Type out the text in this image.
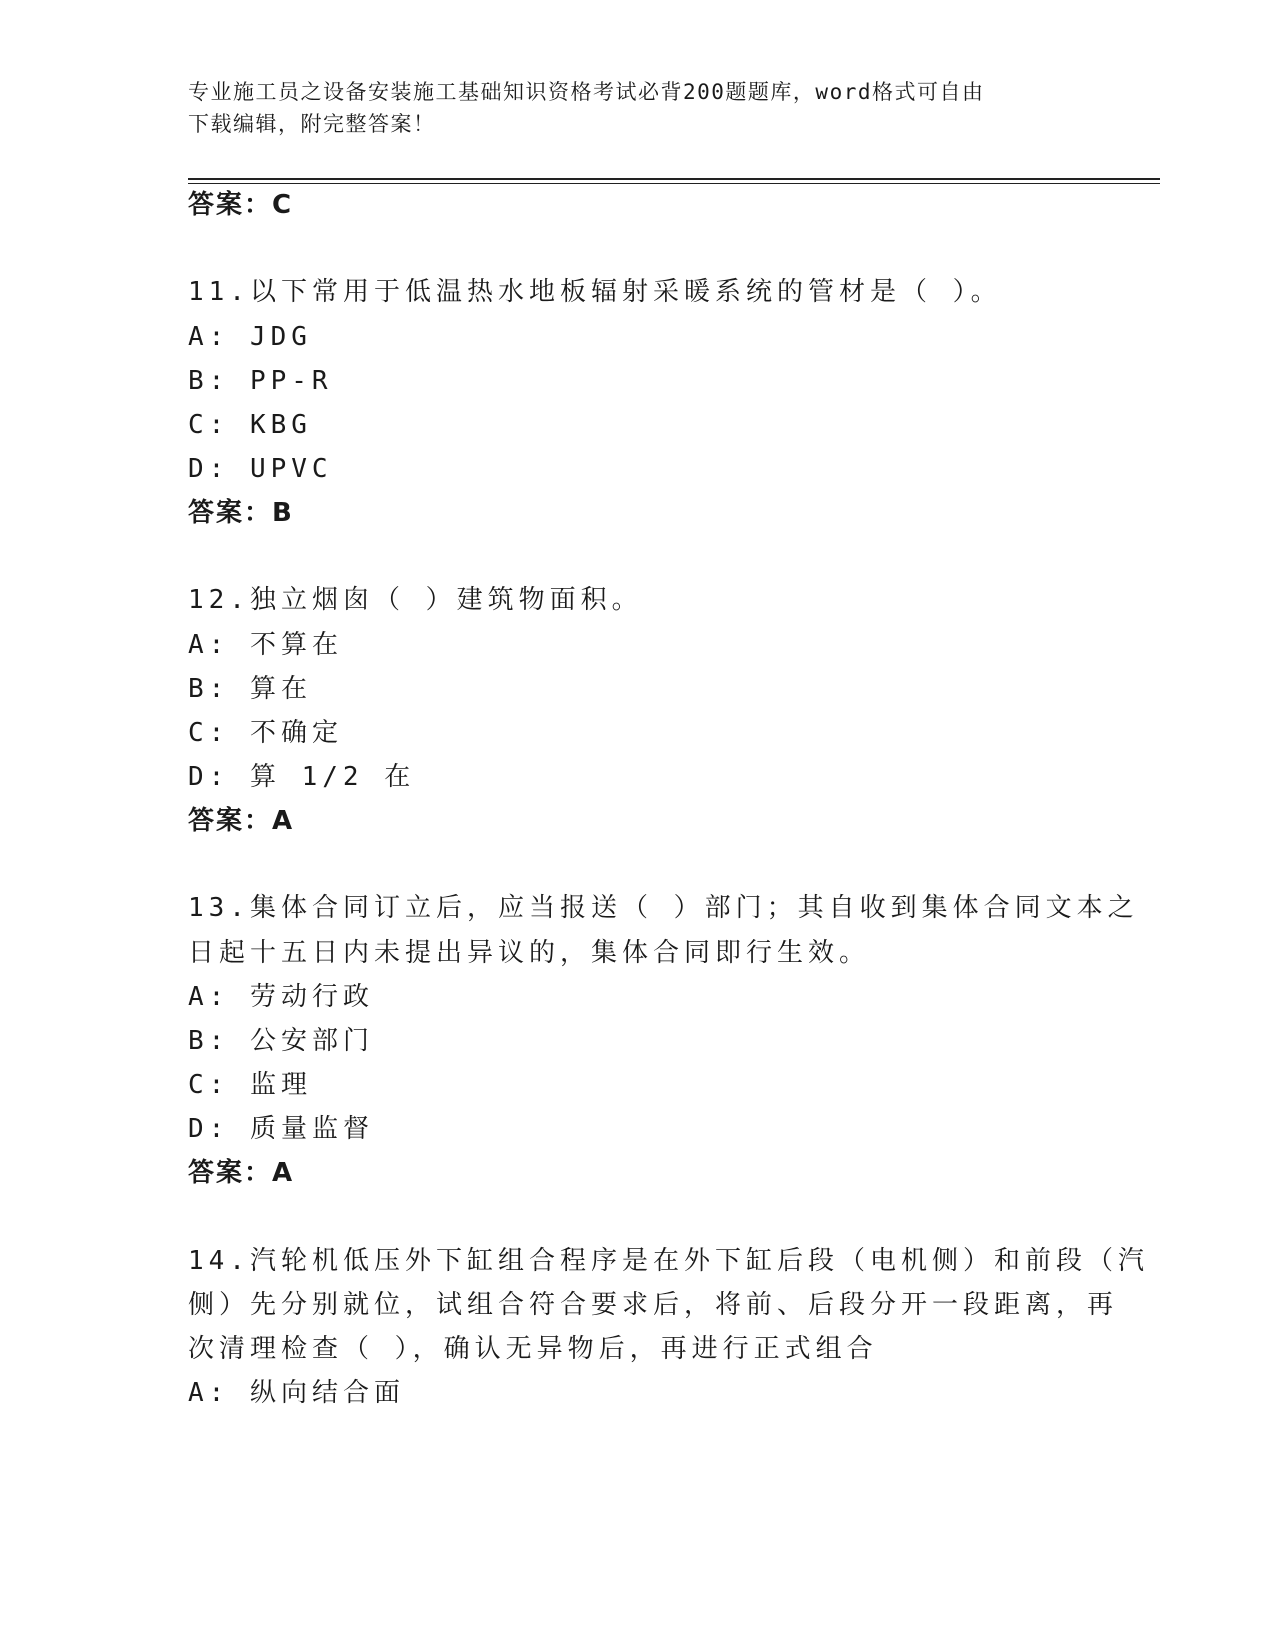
专业施工员之设备安装施工基础知识资格考试必背200题题库，word格式可自由
下载编辑，附完整答案！
答案：C
11.以下常用于低温热水地板辐射采暖系统的管材是（ ）。
A: JDG
B: PP-R
C: KBG
D: UPVC
答案：B
12.独立烟囱（ ）建筑物面积。
A: 不算在
B: 算在
C: 不确定
D: 算 1/2 在
答案：A
13.集体合同订立后，应当报送（ ）部门；其自收到集体合同文本之
日起十五日内未提出异议的，集体合同即行生效。
A: 劳动行政
B: 公安部门
C: 监理
D: 质量监督
答案：A
14.汽轮机低压外下缸组合程序是在外下缸后段（电机侧）和前段（汽
侧）先分别就位，试组合符合要求后，将前、后段分开一段距离，再
次清理检查（ ），确认无异物后，再进行正式组合
A: 纵向结合面
